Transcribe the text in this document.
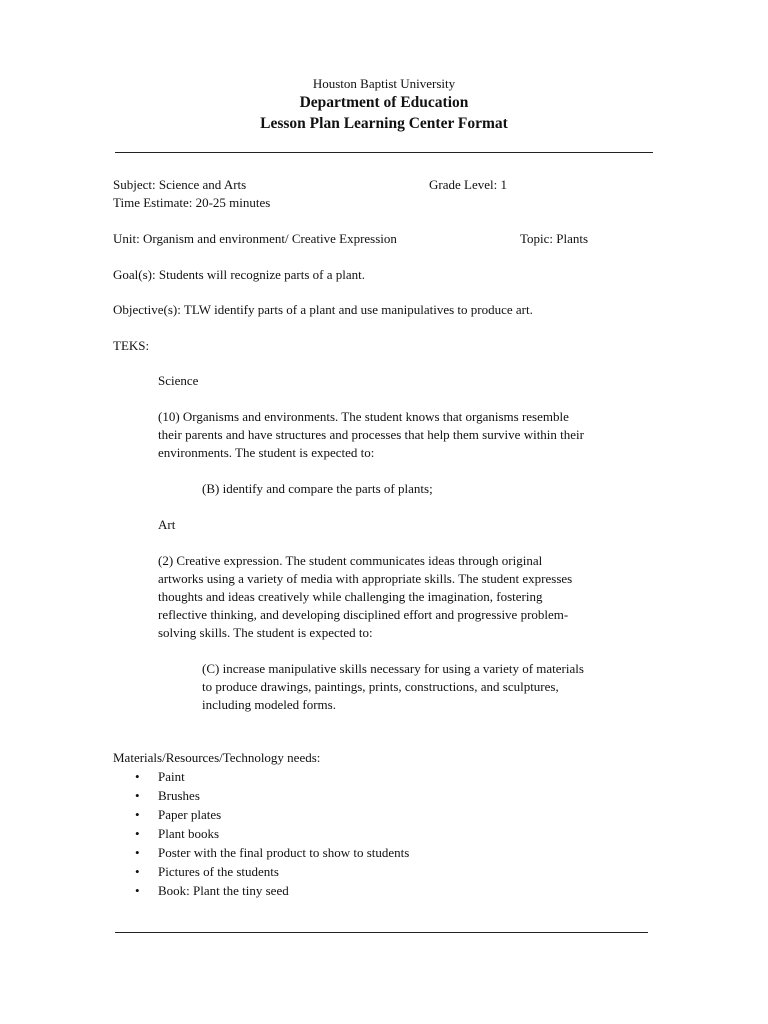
Houston Baptist University
Department of Education
Lesson Plan Learning Center Format
Subject: Science and Arts	Grade Level: 1
Time Estimate: 20-25 minutes
Unit: Organism and environment/ Creative Expression	Topic: Plants
Goal(s): Students will recognize parts of a plant.
Objective(s): TLW identify parts of a plant and use manipulatives to produce art.
TEKS:
Science
(10) Organisms and environments. The student knows that organisms resemble
their parents and have structures and processes that help them survive within their
environments. The student is expected to:
(B) identify and compare the parts of plants;
Art
(2) Creative expression. The student communicates ideas through original
artworks using a variety of media with appropriate skills. The student expresses
thoughts and ideas creatively while challenging the imagination, fostering
reflective thinking, and developing disciplined effort and progressive problem-
solving skills. The student is expected to:
(C) increase manipulative skills necessary for using a variety of materials
to produce drawings, paintings, prints, constructions, and sculptures,
including modeled forms.
Materials/Resources/Technology needs:
• Paint
• Brushes
• Paper plates
• Plant books
• Poster with the final product to show to students
• Pictures of the students
• Book: Plant the tiny seed
